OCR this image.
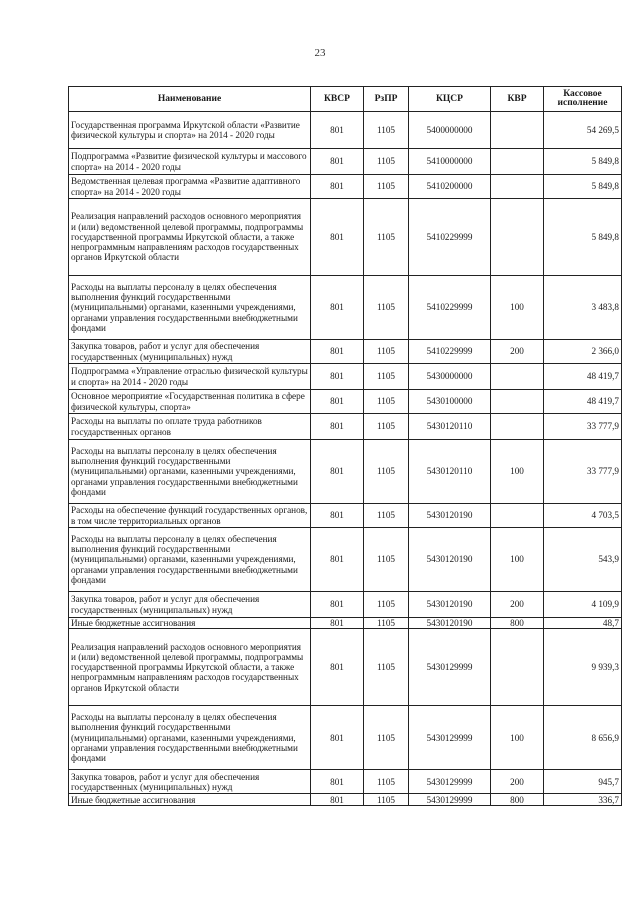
23
Наименование	КВСР	РзПР	КЦСР	КВР	Кассовое исполнение
Государственная программа Иркутской области «Развитие физической культуры и спорта» на 2014 - 2020 годы	801	1105	5400000000		54 269,5
Подпрограмма «Развитие физической культуры и массового спорта» на 2014 - 2020 годы	801	1105	5410000000		5 849,8
Ведомственная целевая программа «Развитие адаптивного спорта» на 2014 - 2020 годы	801	1105	5410200000		5 849,8
Реализация направлений расходов основного мероприятия и (или) ведомственной целевой программы, подпрограммы государственной программы Иркутской области, а также непрограммным направлениям расходов государственных органов Иркутской области	801	1105	5410229999		5 849,8
Расходы на выплаты персоналу в целях обеспечения выполнения функций государственными (муниципальными) органами, казенными учреждениями, органами управления государственными внебюджетными фондами	801	1105	5410229999	100	3 483,8
Закупка товаров, работ и услуг для обеспечения государственных (муниципальных) нужд	801	1105	5410229999	200	2 366,0
Подпрограмма «Управление отраслью физической культуры и спорта» на 2014 - 2020 годы	801	1105	5430000000		48 419,7
Основное мероприятие «Государственная политика в сфере физической культуры, спорта»	801	1105	5430100000		48 419,7
Расходы на выплаты по оплате труда работников государственных органов	801	1105	5430120110		33 777,9
Расходы на выплаты персоналу в целях обеспечения выполнения функций государственными (муниципальными) органами, казенными учреждениями, органами управления государственными внебюджетными фондами	801	1105	5430120110	100	33 777,9
Расходы на обеспечение функций государственных органов, в том числе территориальных органов	801	1105	5430120190		4 703,5
Расходы на выплаты персоналу в целях обеспечения выполнения функций государственными (муниципальными) органами, казенными учреждениями, органами управления государственными внебюджетными фондами	801	1105	5430120190	100	543,9
Закупка товаров, работ и услуг для обеспечения государственных (муниципальных) нужд	801	1105	5430120190	200	4 109,9
Иные бюджетные ассигнования	801	1105	5430120190	800	48,7
Реализация направлений расходов основного мероприятия и (или) ведомственной целевой программы, подпрограммы государственной программы Иркутской области, а также непрограммным направлениям расходов государственных органов Иркутской области	801	1105	5430129999		9 939,3
Расходы на выплаты персоналу в целях обеспечения выполнения функций государственными (муниципальными) органами, казенными учреждениями, органами управления государственными внебюджетными фондами	801	1105	5430129999	100	8 656,9
Закупка товаров, работ и услуг для обеспечения государственных (муниципальных) нужд	801	1105	5430129999	200	945,7
Иные бюджетные ассигнования	801	1105	5430129999	800	336,7
